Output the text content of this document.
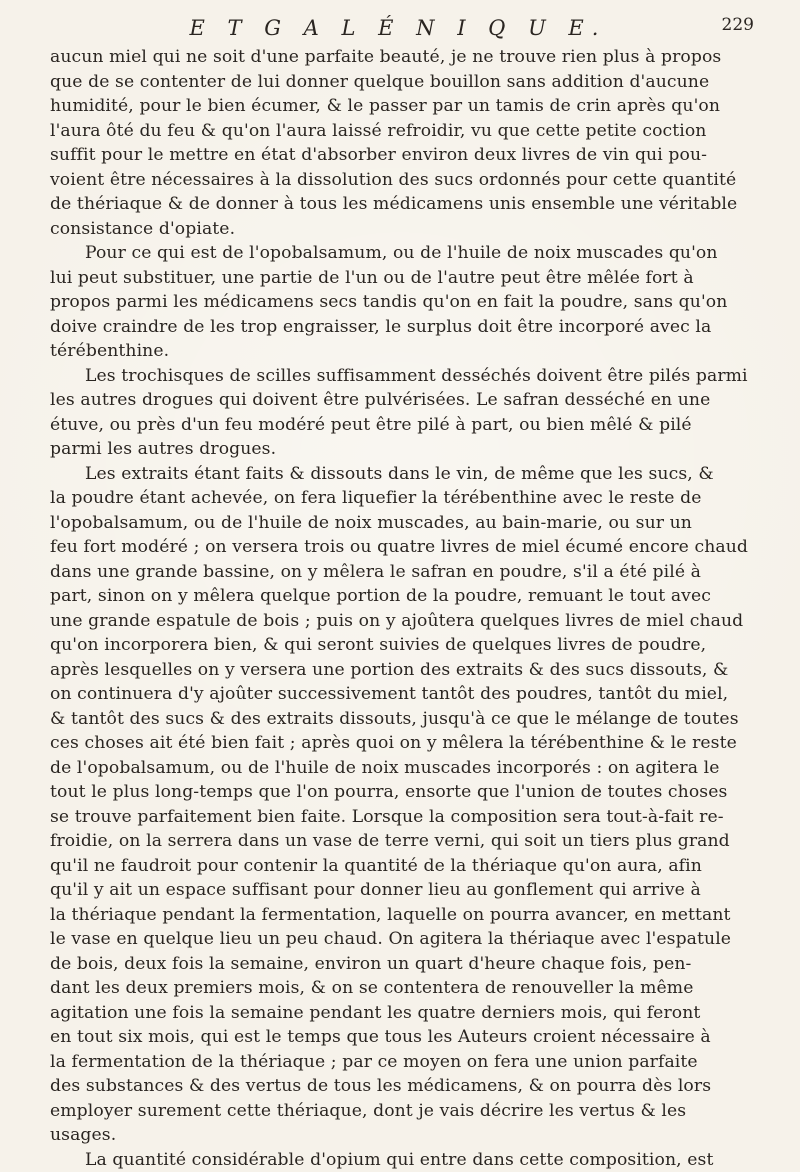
E T G A L É N I Q U E.	229
aucun miel qui ne soit d'une parfaite beauté, je ne trouve rien plus à propos
que de se contenter de lui donner quelque bouillon sans addition d'aucune
humidité, pour le bien écumer, & le passer par un tamis de crin après qu'on
l'aura ôté du feu & qu'on l'aura laissé refroidir, vu que cette petite coction
suffit pour le mettre en état d'absorber environ deux livres de vin qui pou-
voient être nécessaires à la dissolution des sucs ordonnés pour cette quantité
de thériaque & de donner à tous les médicamens unis ensemble une véritable
consistance d'opiate.
Pour ce qui est de l'opobalsamum, ou de l'huile de noix muscades qu'on
lui peut substituer, une partie de l'un ou de l'autre peut être mêlée fort à
propos parmi les médicamens secs tandis qu'on en fait la poudre, sans qu'on
doive craindre de les trop engraisser, le surplus doit être incorporé avec la
térébenthine.
Les trochisques de scilles suffisamment desséchés doivent être pilés parmi
les autres drogues qui doivent être pulvérisées. Le safran desséché en une
étuve, ou près d'un feu modéré peut être pilé à part, ou bien mêlé & pilé
parmi les autres drogues.
Les extraits étant faits & dissouts dans le vin, de même que les sucs, &
la poudre étant achevée, on fera liquefier la térébenthine avec le reste de
l'opobalsamum, ou de l'huile de noix muscades, au bain-marie, ou sur un
feu fort modéré ; on versera trois ou quatre livres de miel écumé encore chaud
dans une grande bassine, on y mêlera le safran en poudre, s'il a été pilé à
part, sinon on y mêlera quelque portion de la poudre, remuant le tout avec
une grande espatule de bois ; puis on y ajoûtera quelques livres de miel chaud
qu'on incorporera bien, & qui seront suivies de quelques livres de poudre,
après lesquelles on y versera une portion des extraits & des sucs dissouts, &
on continuera d'y ajoûter successivement tantôt des poudres, tantôt du miel,
& tantôt des sucs & des extraits dissouts, jusqu'à ce que le mélange de toutes
ces choses ait été bien fait ; après quoi on y mêlera la térébenthine & le reste
de l'opobalsamum, ou de l'huile de noix muscades incorporés : on agitera le
tout le plus long-temps que l'on pourra, ensorte que l'union de toutes choses
se trouve parfaitement bien faite. Lorsque la composition sera tout-à-fait re-
froidie, on la serrera dans un vase de terre verni, qui soit un tiers plus grand
qu'il ne faudroit pour contenir la quantité de la thériaque qu'on aura, afin
qu'il y ait un espace suffisant pour donner lieu au gonflement qui arrive à
la thériaque pendant la fermentation, laquelle on pourra avancer, en mettant
le vase en quelque lieu un peu chaud. On agitera la thériaque avec l'espatule
de bois, deux fois la semaine, environ un quart d'heure chaque fois, pen-
dant les deux premiers mois, & on se contentera de renouveller la même
agitation une fois la semaine pendant les quatre derniers mois, qui feront
en tout six mois, qui est le temps que tous les Auteurs croient nécessaire à
la fermentation de la thériaque ; par ce moyen on fera une union parfaite
des substances & des vertus de tous les médicamens, & on pourra dès lors
employer surement cette thériaque, dont je vais décrire les vertus & les
usages.
La quantité considérable d'opium qui entre dans cette composition, est
